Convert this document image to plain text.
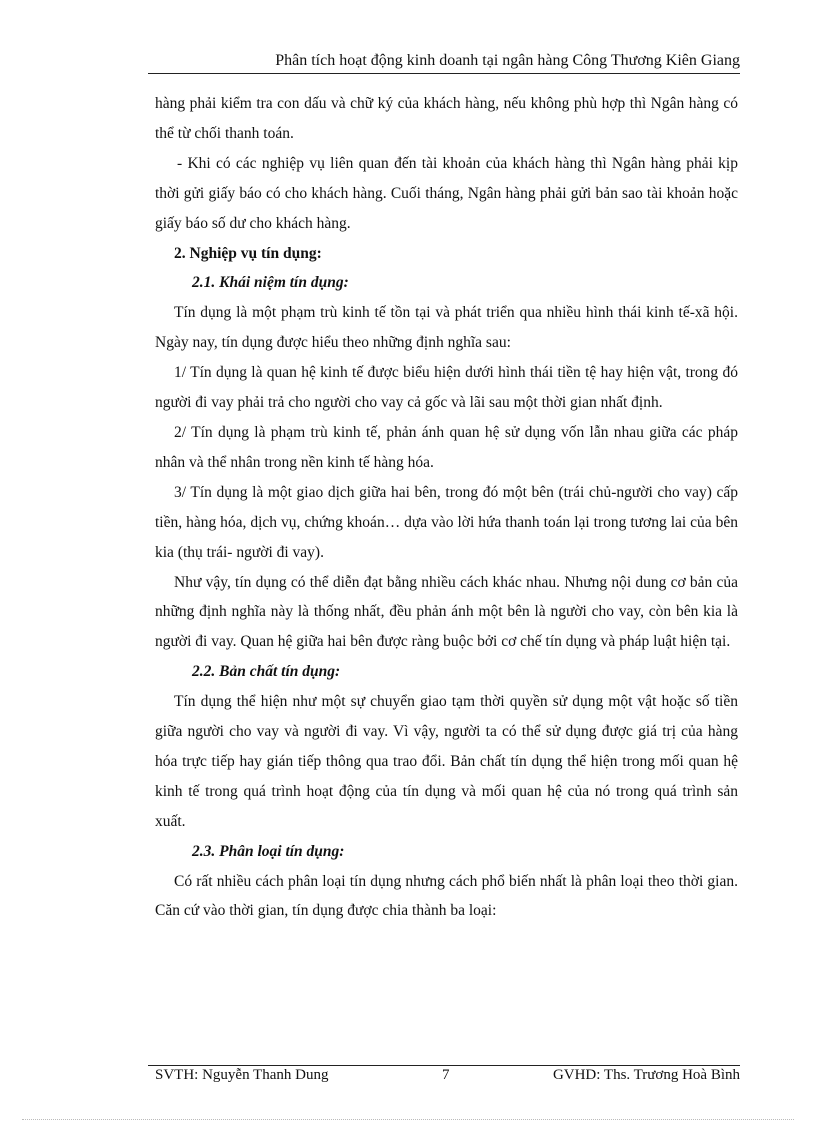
Phân tích hoạt động kinh doanh tại ngân hàng Công Thương Kiên Giang

hàng phải kiểm tra con dấu và chữ ký của khách hàng, nếu không phù hợp thì Ngân hàng có thể từ chối thanh toán.

- Khi có các nghiệp vụ liên quan đến tài khoản của khách hàng thì Ngân hàng phải kịp thời gửi giấy báo có cho khách hàng. Cuối tháng, Ngân hàng phải gửi bản sao tài khoản hoặc giấy báo số dư cho khách hàng.

2. Nghiệp vụ tín dụng:

2.1. Khái niệm tín dụng:

Tín dụng là một phạm trù kinh tế tồn tại và phát triển qua nhiều hình thái kinh tế-xã hội. Ngày nay, tín dụng được hiểu theo những định nghĩa sau:

1/ Tín dụng là quan hệ kinh tế được biểu hiện dưới hình thái tiền tệ hay hiện vật, trong đó người đi vay phải trả cho người cho vay cả gốc và lãi sau một thời gian nhất định.

2/ Tín dụng là phạm trù kinh tế, phản ánh quan hệ sử dụng vốn lẫn nhau giữa các pháp nhân và thể nhân trong nền kinh tế hàng hóa.

3/ Tín dụng là một giao dịch giữa hai bên, trong đó một bên (trái chủ-người cho vay) cấp tiền, hàng hóa, dịch vụ, chứng khoán… dựa vào lời hứa thanh toán lại trong tương lai của bên kia (thụ trái- người đi vay).

Như vậy, tín dụng có thể diễn đạt bằng nhiều cách khác nhau. Nhưng nội dung cơ bản của những định nghĩa này là thống nhất, đều phản ánh một bên là người cho vay, còn bên kia là người đi vay. Quan hệ giữa hai bên được ràng buộc bởi cơ chế tín dụng và pháp luật hiện tại.

2.2. Bản chất tín dụng:

Tín dụng thể hiện như một sự chuyển giao tạm thời quyền sử dụng một vật hoặc số tiền giữa người cho vay và người đi vay. Vì vậy, người ta có thể sử dụng được giá trị của hàng hóa trực tiếp hay gián tiếp thông qua trao đổi. Bản chất tín dụng thể hiện trong mối quan hệ kinh tế trong quá trình hoạt động của tín dụng và mối quan hệ của nó trong quá trình sản xuất.

2.3. Phân loại tín dụng:

Có rất nhiều cách phân loại tín dụng nhưng cách phổ biến nhất là phân loại theo thời gian. Căn cứ vào thời gian, tín dụng được chia thành ba loại:

SVTH: Nguyễn Thanh Dung	7	GVHD: Ths. Trương Hoà Bình
